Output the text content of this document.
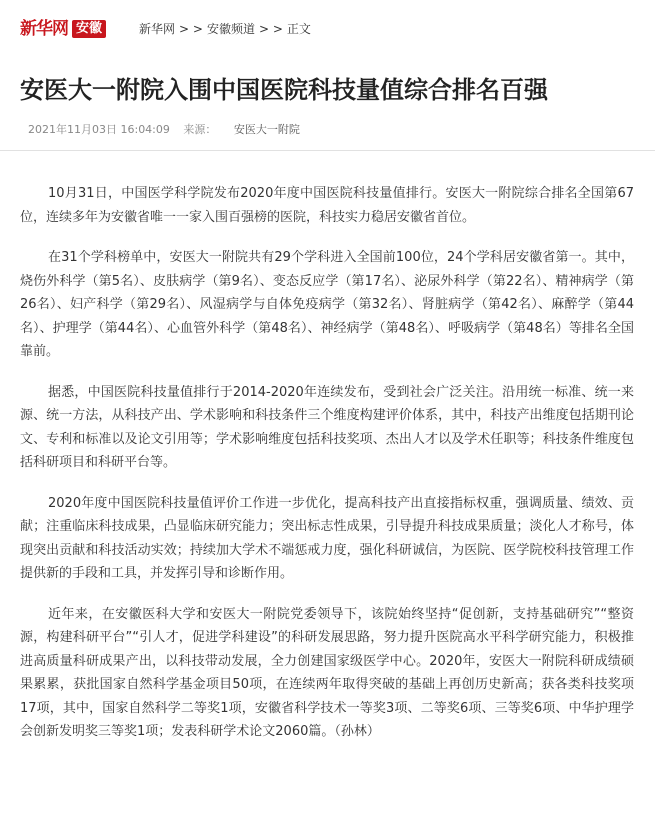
新华网 安徽	新华网 > > 安徽频道 > > 正文
安医大一附院入围中国医院科技量值综合排名百强
2021年11月03日 16:04:09 来源： 安医大一附院

10月31日，中国医学科学院发布2020年度中国医院科技量值排行。安医大一附院综合排名全国第67位，连续多年为安徽省唯一一家入围百强榜的医院，科技实力稳居安徽省首位。

在31个学科榜单中，安医大一附院共有29个学科进入全国前100位，24个学科居安徽省第一。其中，烧伤外科学（第5名）、皮肤病学（第9名）、变态反应学（第17名）、泌尿外科学（第22名）、精神病学（第26名）、妇产科学（第29名）、风湿病学与自体免疫病学（第32名）、肾脏病学（第42名）、麻醉学（第44名）、护理学（第44名）、心血管外科学（第48名）、神经病学（第48名）、呼吸病学（第48名）等排名全国靠前。

据悉，中国医院科技量值排行于2014-2020年连续发布，受到社会广泛关注。沿用统一标准、统一来源、统一方法，从科技产出、学术影响和科技条件三个维度构建评价体系，其中，科技产出维度包括期刊论文、专利和标准以及论文引用等；学术影响维度包括科技奖项、杰出人才以及学术任职等；科技条件维度包括科研项目和科研平台等。

2020年度中国医院科技量值评价工作进一步优化，提高科技产出直接指标权重，强调质量、绩效、贡献；注重临床科技成果，凸显临床研究能力；突出标志性成果，引导提升科技成果质量；淡化人才称号，体现突出贡献和科技活动实效；持续加大学术不端惩戒力度，强化科研诚信，为医院、医学院校科技管理工作提供新的手段和工具，并发挥引导和诊断作用。

近年来，在安徽医科大学和安医大一附院党委领导下，该院始终坚持“促创新，支持基础研究”“整资源，构建科研平台”“引人才，促进学科建设”的科研发展思路，努力提升医院高水平科学研究能力，积极推进高质量科研成果产出，以科技带动发展，全力创建国家级医学中心。2020年，安医大一附院科研成绩硕果累累，获批国家自然科学基金项目50项，在连续两年取得突破的基础上再创历史新高；获各类科技奖项17项，其中，国家自然科学二等奖1项，安徽省科学技术一等奖3项、二等奖6项、三等奖6项、中华护理学会创新发明奖三等奖1项；发表科研学术论文2060篇。（孙林）
